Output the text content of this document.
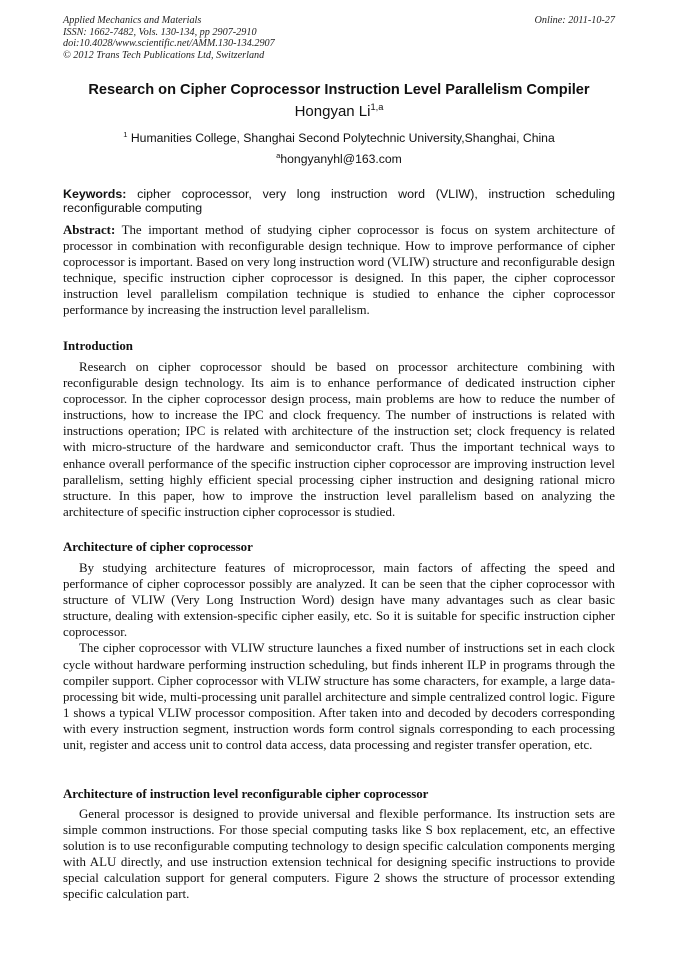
Applied Mechanics and Materials
ISSN: 1662-7482, Vols. 130-134, pp 2907-2910
doi:10.4028/www.scientific.net/AMM.130-134.2907
© 2012 Trans Tech Publications Ltd, Switzerland
Online: 2011-10-27
Research on Cipher Coprocessor Instruction Level Parallelism Compiler
Hongyan Li$^{1,a}$
$^1$ Humanities College, Shanghai Second Polytechnic University,Shanghai, China
$^a$hongyanyhl@163.com
Keywords: cipher coprocessor, very long instruction word (VLIW), instruction scheduling reconfigurable computing

Abstract: The important method of studying cipher coprocessor is focus on system architecture of processor in combination with reconfigurable design technique. How to improve performance of cipher coprocessor is important. Based on very long instruction word (VLIW) structure and reconfigurable design technique, specific instruction cipher coprocessor is designed. In this paper, the cipher coprocessor instruction level parallelism compilation technique is studied to enhance the cipher coprocessor performance by increasing the instruction level parallelism.

Introduction

Research on cipher coprocessor should be based on processor architecture combining with reconfigurable design technology. Its aim is to enhance performance of dedicated instruction cipher coprocessor. In the cipher coprocessor design process, main problems are how to reduce the number of instructions, how to increase the IPC and clock frequency. The number of instructions is related with instructions operation; IPC is related with architecture of the instruction set; clock frequency is related with micro-structure of the hardware and semiconductor craft. Thus the important technical ways to enhance overall performance of the specific instruction cipher coprocessor are improving instruction level parallelism, setting highly efficient special processing cipher instruction and designing rational micro structure. In this paper, how to improve the instruction level parallelism based on analyzing the architecture of specific instruction cipher coprocessor is studied.

Architecture of cipher coprocessor

By studying architecture features of microprocessor, main factors of affecting the speed and performance of cipher coprocessor possibly are analyzed. It can be seen that the cipher coprocessor with structure of VLIW (Very Long Instruction Word) design have many advantages such as clear basic structure, dealing with extension-specific cipher easily, etc. So it is suitable for specific instruction cipher coprocessor.

The cipher coprocessor with VLIW structure launches a fixed number of instructions set in each clock cycle without hardware performing instruction scheduling, but finds inherent ILP in programs through the compiler support. Cipher coprocessor with VLIW structure has some characters, for example, a large data-processing bit wide, multi-processing unit parallel architecture and simple centralized control logic. Figure 1 shows a typical VLIW processor composition. After taken into and decoded by decoders corresponding with every instruction segment, instruction words form control signals corresponding to each processing unit, register and access unit to control data access, data processing and register transfer operation, etc.

Architecture of instruction level reconfigurable cipher coprocessor

General processor is designed to provide universal and flexible performance. Its instruction sets are simple common instructions. For those special computing tasks like S box replacement, etc, an effective solution is to use reconfigurable computing technology to design specific calculation components merging with ALU directly, and use instruction extension technical for designing specific instructions to provide special calculation support for general computers. Figure 2 shows the structure of processor extending specific calculation part.
